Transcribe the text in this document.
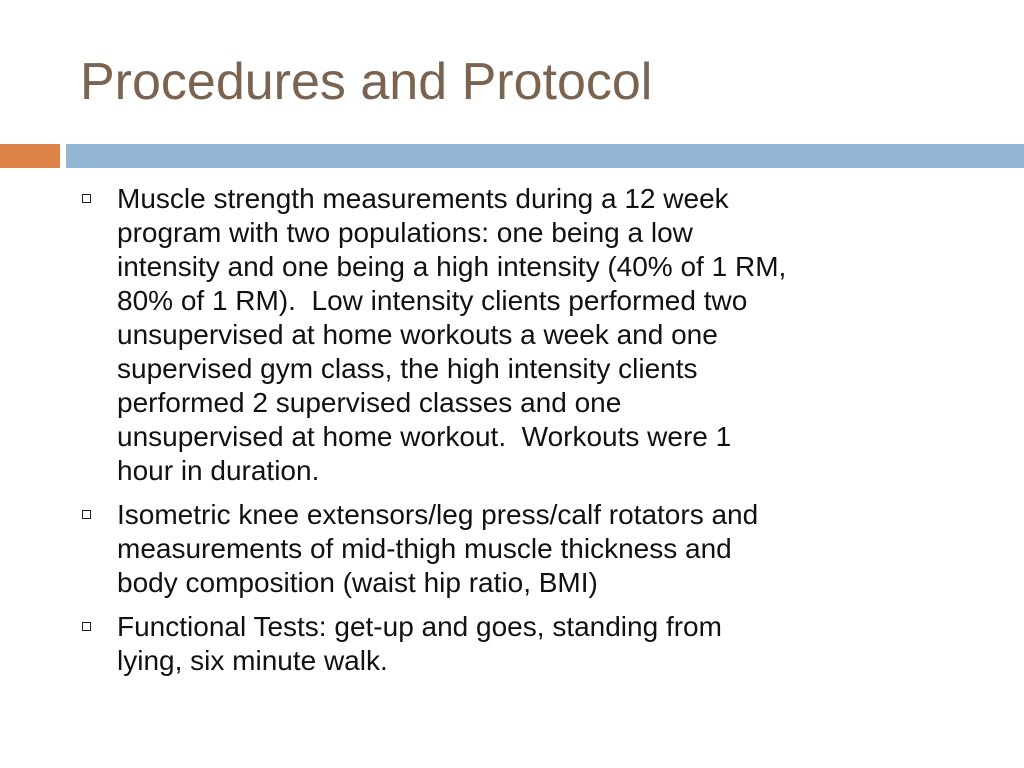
Procedures and Protocol
Muscle strength measurements during a 12 week
program with two populations: one being a low
intensity and one being a high intensity (40% of 1 RM,
80% of 1 RM).  Low intensity clients performed two
unsupervised at home workouts a week and one
supervised gym class, the high intensity clients
performed 2 supervised classes and one
unsupervised at home workout.  Workouts were 1
hour in duration.
Isometric knee extensors/leg press/calf rotators and
measurements of mid-thigh muscle thickness and
body composition (waist hip ratio, BMI)
Functional Tests: get-up and goes, standing from
lying, six minute walk.
